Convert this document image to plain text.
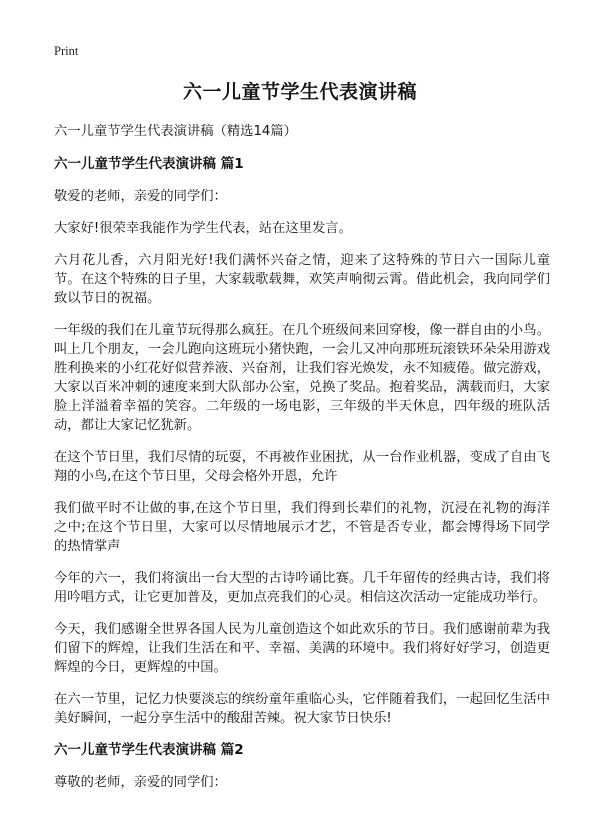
Print
六一儿童节学生代表演讲稿

六一儿童节学生代表演讲稿（精选14篇）

六一儿童节学生代表演讲稿 篇1

敬爱的老师，亲爱的同学们：

大家好!很荣幸我能作为学生代表，站在这里发言。

六月花儿香，六月阳光好!我们满怀兴奋之情，迎来了这特殊的节日六一国际儿童节。在这个特殊的日子里，大家载歌载舞，欢笑声响彻云霄。借此机会，我向同学们致以节日的祝福。

一年级的我们在儿童节玩得那么疯狂。在几个班级间来回穿梭，像一群自由的小鸟。叫上几个朋友，一会儿跑向这班玩小猪快跑，一会儿又冲向那班玩滚铁环朵朵用游戏胜利换来的小红花好似营养液、兴奋剂，让我们容光焕发，永不知疲倦。做完游戏，大家以百米冲刺的速度来到大队部办公室，兑换了奖品。抱着奖品，满载而归，大家脸上洋溢着幸福的笑容。二年级的一场电影，三年级的半天休息，四年级的班队活动，都让大家记忆犹新。

在这个节日里，我们尽情的玩耍，不再被作业困扰，从一台作业机器，变成了自由飞翔的小鸟,在这个节日里，父母会格外开恩，允许

我们做平时不让做的事,在这个节日里，我们得到长辈们的礼物，沉浸在礼物的海洋之中;在这个节日里，大家可以尽情地展示才艺，不管是否专业，都会博得场下同学的热情掌声

今年的六一，我们将演出一台大型的古诗吟诵比赛。几千年留传的经典古诗，我们将用吟唱方式，让它更加普及，更加点亮我们的心灵。相信这次活动一定能成功举行。

今天，我们感谢全世界各国人民为儿童创造这个如此欢乐的节日。我们感谢前辈为我们留下的辉煌，让我们生活在和平、幸福、美满的环境中。我们将好好学习，创造更辉煌的今日，更辉煌的中国。

在六一节里，记忆力快要淡忘的缤纷童年重临心头，它伴随着我们，一起回忆生活中美好瞬间，一起分享生活中的酸甜苦辣。祝大家节日快乐!

六一儿童节学生代表演讲稿 篇2

尊敬的老师，亲爱的同学们：
